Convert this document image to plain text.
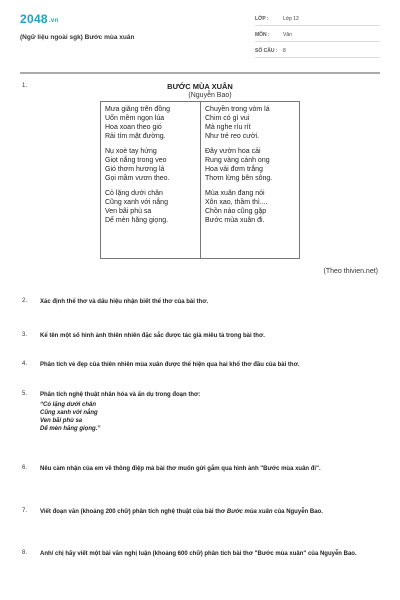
2048.vn
(Ngữ liệu ngoài sgk) Bước mùa xuân
LỚP :	Lớp 12
MÔN :	Văn
SỐ CÂU : 8
1.	BƯỚC MÙA XUÂN
(Nguyễn Bao)
Mưa giăng trên đồng
Uốn mềm ngọn lúa
Hoa xoan theo gió
Rải tím mặt đường.
Nụ xoè tay hứng
Giọt nắng trong veo
Gió thơm hương lá
Gọi mầm vươn theo.
Cỏ lặng dưới chân
Cũng xanh với nắng
Ven bãi phù sa
Dế mèn hăng giọng.
Chuyền trong vòm lá
Chim có gì vui
Mà nghe ríu rít
Như trẻ reo cười.
Đây vườn hoa cải
Rung vàng cánh ong
Hoa vải đơm trắng
Thơm lừng bên sông.
Mùa xuân đang nói
Xôn xao, thầm thì....
Chồn nào cũng gặp
Bước mùa xuân đi.
(Theo thivien.net)
2. Xác định thể thơ và dấu hiệu nhận biết thể thơ của bài thơ.
3. Kể tên một số hình ảnh thiên nhiên đặc sắc được tác giả miêu tả trong bài thơ.
4. Phân tích vẻ đẹp của thiên nhiên mùa xuân được thể hiện qua hai khổ thơ đầu của bài thơ.
5. Phân tích nghệ thuật nhân hóa và ẩn dụ trong đoạn thơ:
“Cỏ lặng dưới chân
Cũng xanh với nắng
Ven bãi phù sa
Dế mèn hăng giọng.”
6. Nêu cảm nhận của em về thông điệp mà bài thơ muốn gửi gắm qua hình ảnh "Bước mùa xuân đi".
7. Viết đoạn văn (khoảng 200 chữ) phân tích nghệ thuật của bài thơ Bước mùa xuân của Nguyễn Bao.
8. Anh/ chị hãy viết một bài văn nghị luận (khoảng 600 chữ) phân tích bài thơ "Bước mùa xuân" của Nguyễn Bao.
